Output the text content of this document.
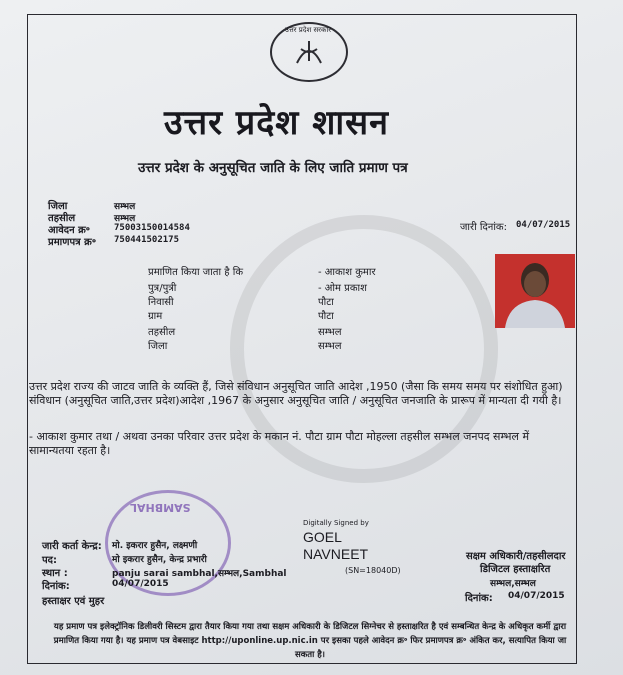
उत्तर प्रदेश सरकार
उत्तर प्रदेश शासन
उत्तर प्रदेश के अनुसूचित जाति के लिए जाति प्रमाण पत्र
जिला	सम्भल
तहसील	सम्भल
आवेदन क्र॰	75003150014584
प्रमाणपत्र क्र॰ 750441502175
जारी दिनांक: 04/07/2015
प्रमाणित किया जाता है कि	- आकाश कुमार
पुत्र/पुत्री	- ओम प्रकाश
निवासी	पौटा
ग्राम	पौटा
तहसील	सम्भल
जिला	सम्भल
उत्तर प्रदेश राज्य की जाटव जाति के व्यक्ति हैं, जिसे संविधान अनुसूचित जाति आदेश ,1950 (जैसा कि समय समय पर संशोधित हुआ) संविधान (अनुसूचित जाति,उत्तर प्रदेश)आदेश ,1967 के अनुसार अनुसूचित जाति / अनुसूचित जनजाति के प्रारूप में मान्यता दी गयी है।
- आकाश कुमार तथा / अथवा उनका परिवार उत्तर प्रदेश के मकान नं. पौटा ग्राम पौटा मोहल्ला तहसील सम्भल जनपद सम्भल में सामान्यतया रहता है।
SAMBHAL
जारी कर्ता केन्द्र: मो. इकरार हुसैन, लक्ष्मणी
पद:	मो इकरार हुसैन, केन्द्र प्रभारी
स्थान :	panju sarai sambhal,सम्भल,Sambhal
दिनांक:	04/07/2015
हस्ताक्षर एवं मुहर
Digitally Signed by
GOEL
NAVNEET
(SN=18040D)
सक्षम अधिकारी/तहसीलदार
डिजिटल हस्ताक्षरित
सम्भल,सम्भल
दिनांक: 04/07/2015
यह प्रमाण पत्र इलेक्ट्रॉनिक डिलीवरी सिस्टम द्वारा तैयार किया गया तथा सक्षम अधिकारी के डिजिटल सिग्नेचर से हस्ताक्षरित है एवं सम्बन्धित केन्द्र के अधिकृत कर्मी द्वारा प्रमाणित किया गया है। यह प्रमाण पत्र वेबसाइट http://uponline.up.nic.in पर इसका पहले आवेदन क्र॰ फिर प्रमाणपत्र क्र॰ अंकित कर, सत्यापित किया जा सकता है।
